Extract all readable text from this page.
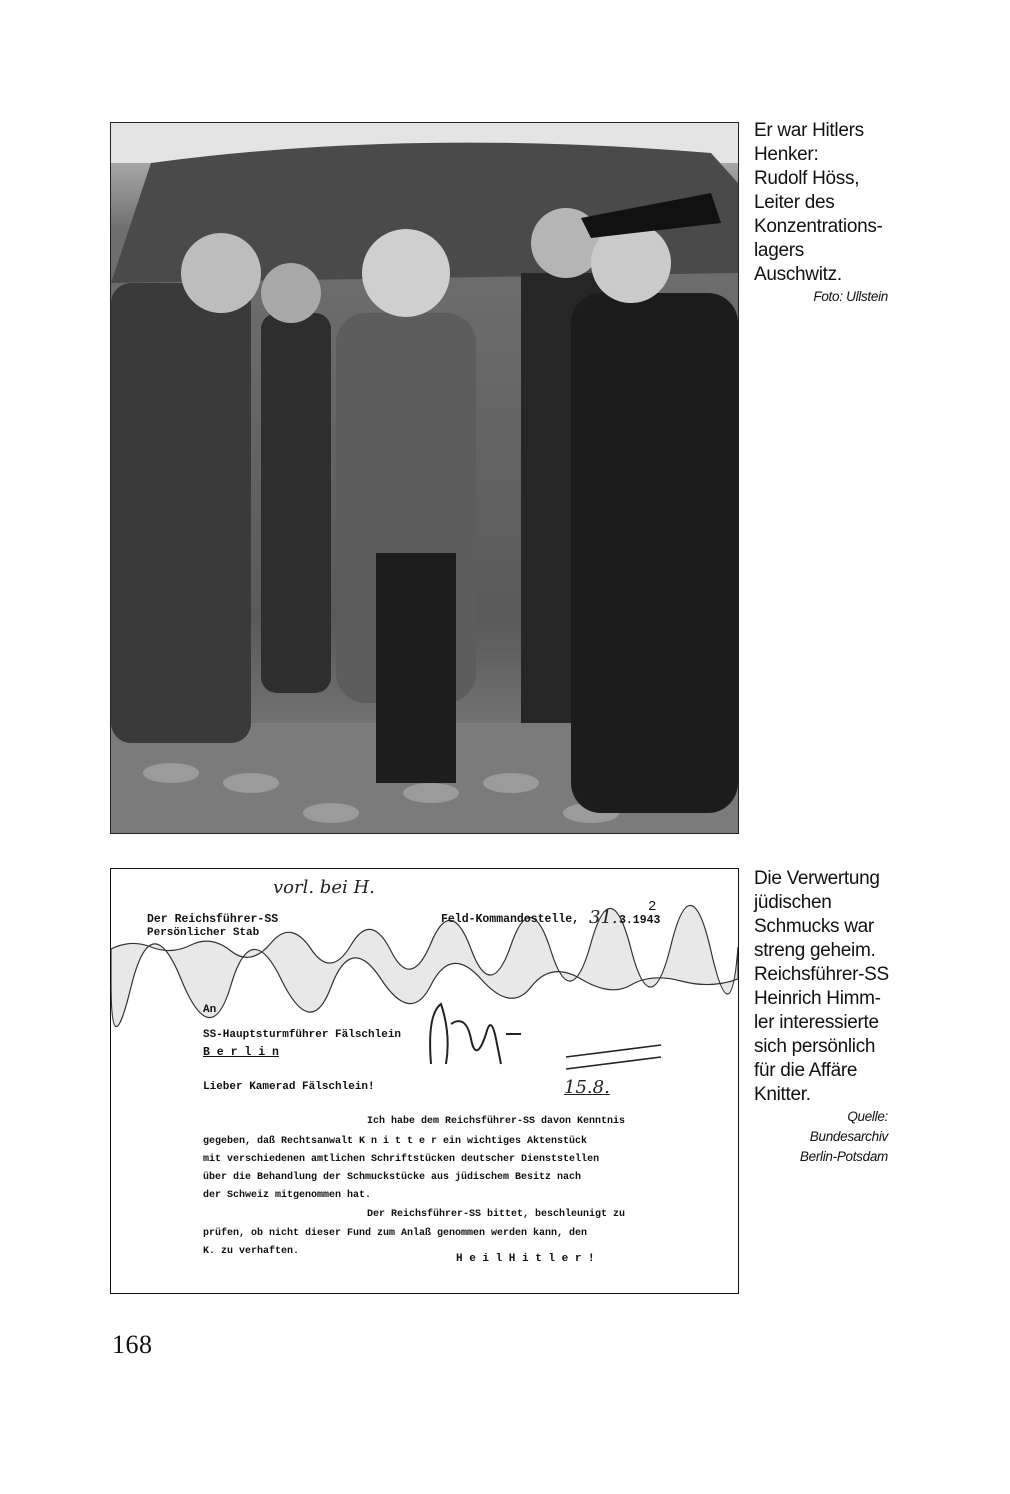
Er war Hitlers

Henker:

Rudolf Höss,

Leiter des

Konzentrations-

lagers

Auschwitz.

Foto: Ullstein

vorl. bei H.
2
Der Reichsführer-SS	Feld-Kommandostelle, 31. 3.1943
Persönlicher Stab
An
SS-Hauptsturmführer Fälschlein
B e r l i n
Lieber Kamerad Fälschlein!	15.8.
Ich habe dem Reichsführer-SS davon Kenntnis
gegeben, daß Rechtsanwalt K n i t t e r ein wichtiges Aktenstück
mit verschiedenen amtlichen Schriftstücken deutscher Dienststellen
über die Behandlung der Schmuckstücke aus jüdischem Besitz nach
der Schweiz mitgenommen hat.
Der Reichsführer-SS bittet, beschleunigt zu
prüfen, ob nicht dieser Fund zum Anlaß genommen werden kann, den
K. zu verhaften.
H e i l H i t l e r !

Die Verwertung

jüdischen

Schmucks war

streng geheim.

Reichsführer-SS

Heinrich Himm-

ler interessierte

sich persönlich

für die Affäre

Knitter.

Quelle:

Bundesarchiv

Berlin-Potsdam

168
